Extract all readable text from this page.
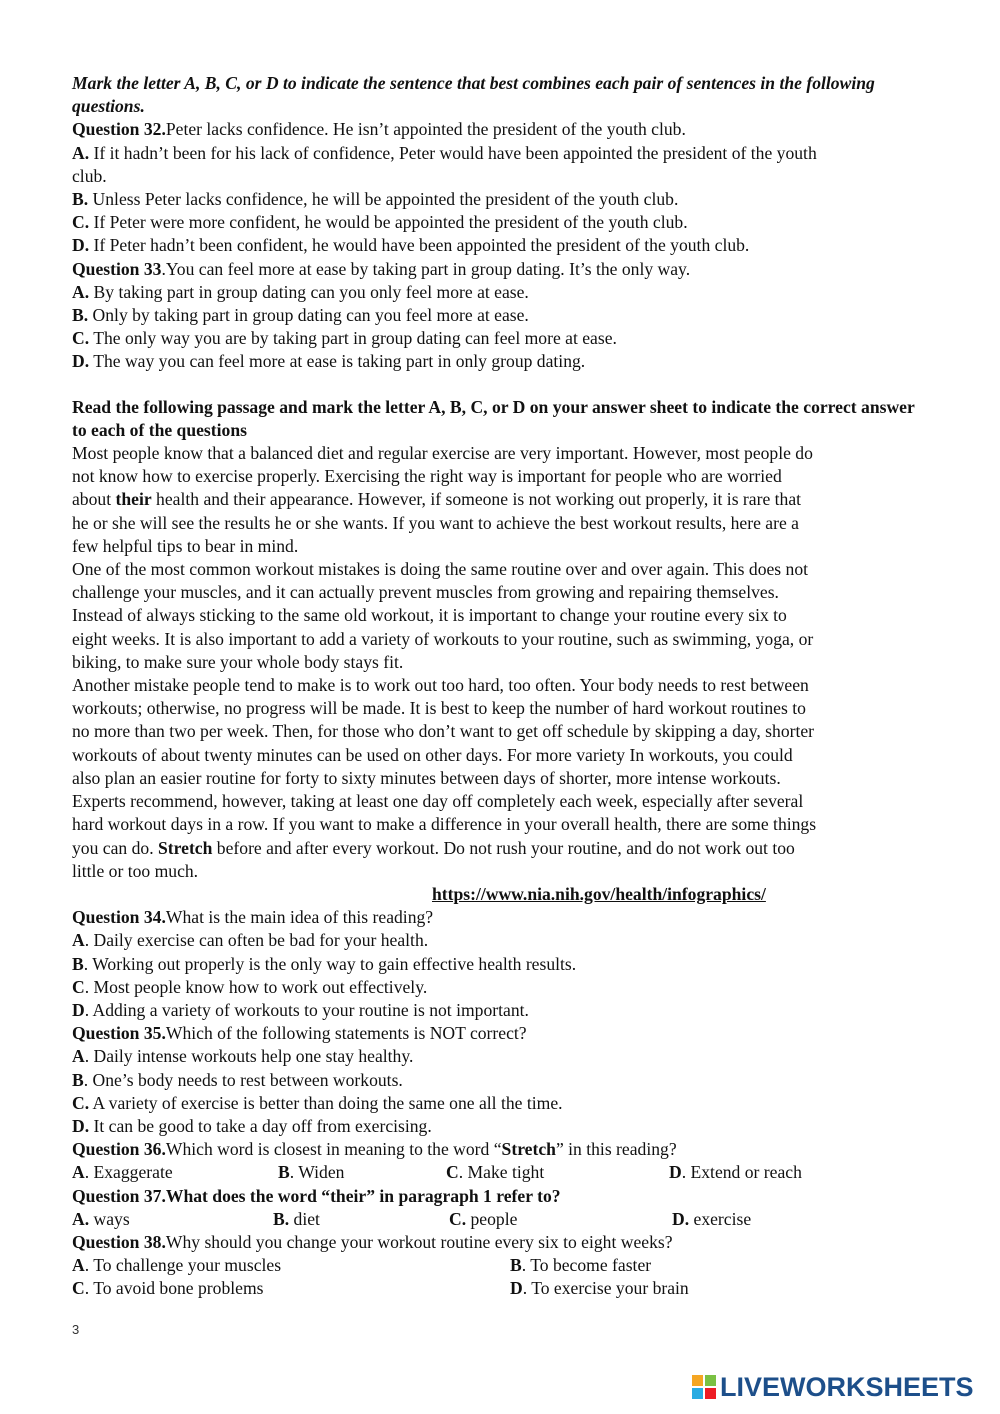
Mark the letter A, B, C, or D to indicate the sentence that best combines each pair of sentences in the following questions.
Question 32.Peter lacks confidence. He isn’t appointed the president of the youth club.
A. If it hadn’t been for his lack of confidence, Peter would have been appointed the president of the youth
club.
B. Unless Peter lacks confidence, he will be appointed the president of the youth club.
C. If Peter were more confident, he would be appointed the president of the youth club.
D. If Peter hadn’t been confident, he would have been appointed the president of the youth club.
Question 33.You can feel more at ease by taking part in group dating. It’s the only way.
A. By taking part in group dating can you only feel more at ease.
B. Only by taking part in group dating can you feel more at ease.
C. The only way you are by taking part in group dating can feel more at ease.
D. The way you can feel more at ease is taking part in only group dating.
Read the following passage and mark the letter A, B, C, or D on your answer sheet to indicate the correct answer to each of the questions
Most people know that a balanced diet and regular exercise are very important. However, most people do
not know how to exercise properly. Exercising the right way is important for people who are worried
about their health and their appearance. However, if someone is not working out properly, it is rare that
he or she will see the results he or she wants. If you want to achieve the best workout results, here are a
few helpful tips to bear in mind.
One of the most common workout mistakes is doing the same routine over and over again. This does not
challenge your muscles, and it can actually prevent muscles from growing and repairing themselves.
Instead of always sticking to the same old workout, it is important to change your routine every six to
eight weeks. It is also important to add a variety of workouts to your routine, such as swimming, yoga, or
biking, to make sure your whole body stays fit.
Another mistake people tend to make is to work out too hard, too often. Your body needs to rest between
workouts; otherwise, no progress will be made. It is best to keep the number of hard workout routines to
no more than two per week. Then, for those who don’t want to get off schedule by skipping a day, shorter
workouts of about twenty minutes can be used on other days. For more variety In workouts, you could
also plan an easier routine for forty to sixty minutes between days of shorter, more intense workouts.
Experts recommend, however, taking at least one day off completely each week, especially after several
hard workout days in a row. If you want to make a difference in your overall health, there are some things
you can do. Stretch before and after every workout. Do not rush your routine, and do not work out too
little or too much.
https://www.nia.nih.gov/health/infographics/
Question 34.What is the main idea of this reading?
A. Daily exercise can often be bad for your health.
B. Working out properly is the only way to gain effective health results.
C. Most people know how to work out effectively.
D. Adding a variety of workouts to your routine is not important.
Question 35.Which of the following statements is NOT correct?
A. Daily intense workouts help one stay healthy.
B. One’s body needs to rest between workouts.
C. A variety of exercise is better than doing the same one all the time.
D. It can be good to take a day off from exercising.
Question 36.Which word is closest in meaning to the word “Stretch” in this reading?
A. Exaggerate	B. Widen	C. Make tight	D. Extend or reach
Question 37.What does the word “their” in paragraph 1 refer to?
A. ways	B. diet	C. people	D. exercise
Question 38.Why should you change your workout routine every six to eight weeks?
A. To challenge your muscles	B. To become faster
C. To avoid bone problems	D. To exercise your brain
3
LIVEWORKSHEETS
